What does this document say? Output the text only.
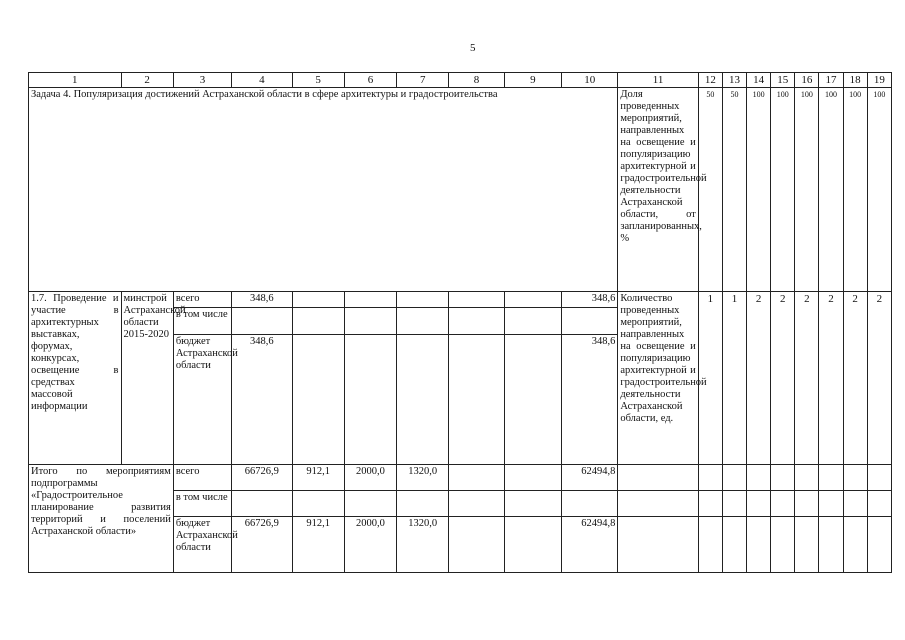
5
1	2	3	4	5	6	7	8	9	10	11	12	13	14	15	16	17	18	19
Задача 4. Популяризация достижений Астраханской области в сфере архитектуры и градостроительства										Доля проведенных мероприятий, направленных на освещение и популяризацию архитектурной и градостроительной деятельности Астраханской области, от запланированных, %	50	50	100	100	100	100	100	100
1.7. Проведение и участие в архитектурных выставках, форумах, конкурсах, освещение в средствах массовой информации	минстрой Астраханской области 2015-2020	всего	348,6						348,6	Количество проведенных мероприятий, направленных на освещение и популяризацию архитектурной и градостроительной деятельности Астраханской области, ед.	1	1	2	2	2	2	2	2
		в том числе																
		бюджет Астраханской области	348,6						348,6									
Итого по мероприятиям подпрограммы «Градостроительное планирование развития территорий и поселений Астраханской области»		всего	66726,9	912,1	2000,0	1320,0			62494,8									
		в том числе																
		бюджет Астраханской области	66726,9	912,1	2000,0	1320,0			62494,8									
